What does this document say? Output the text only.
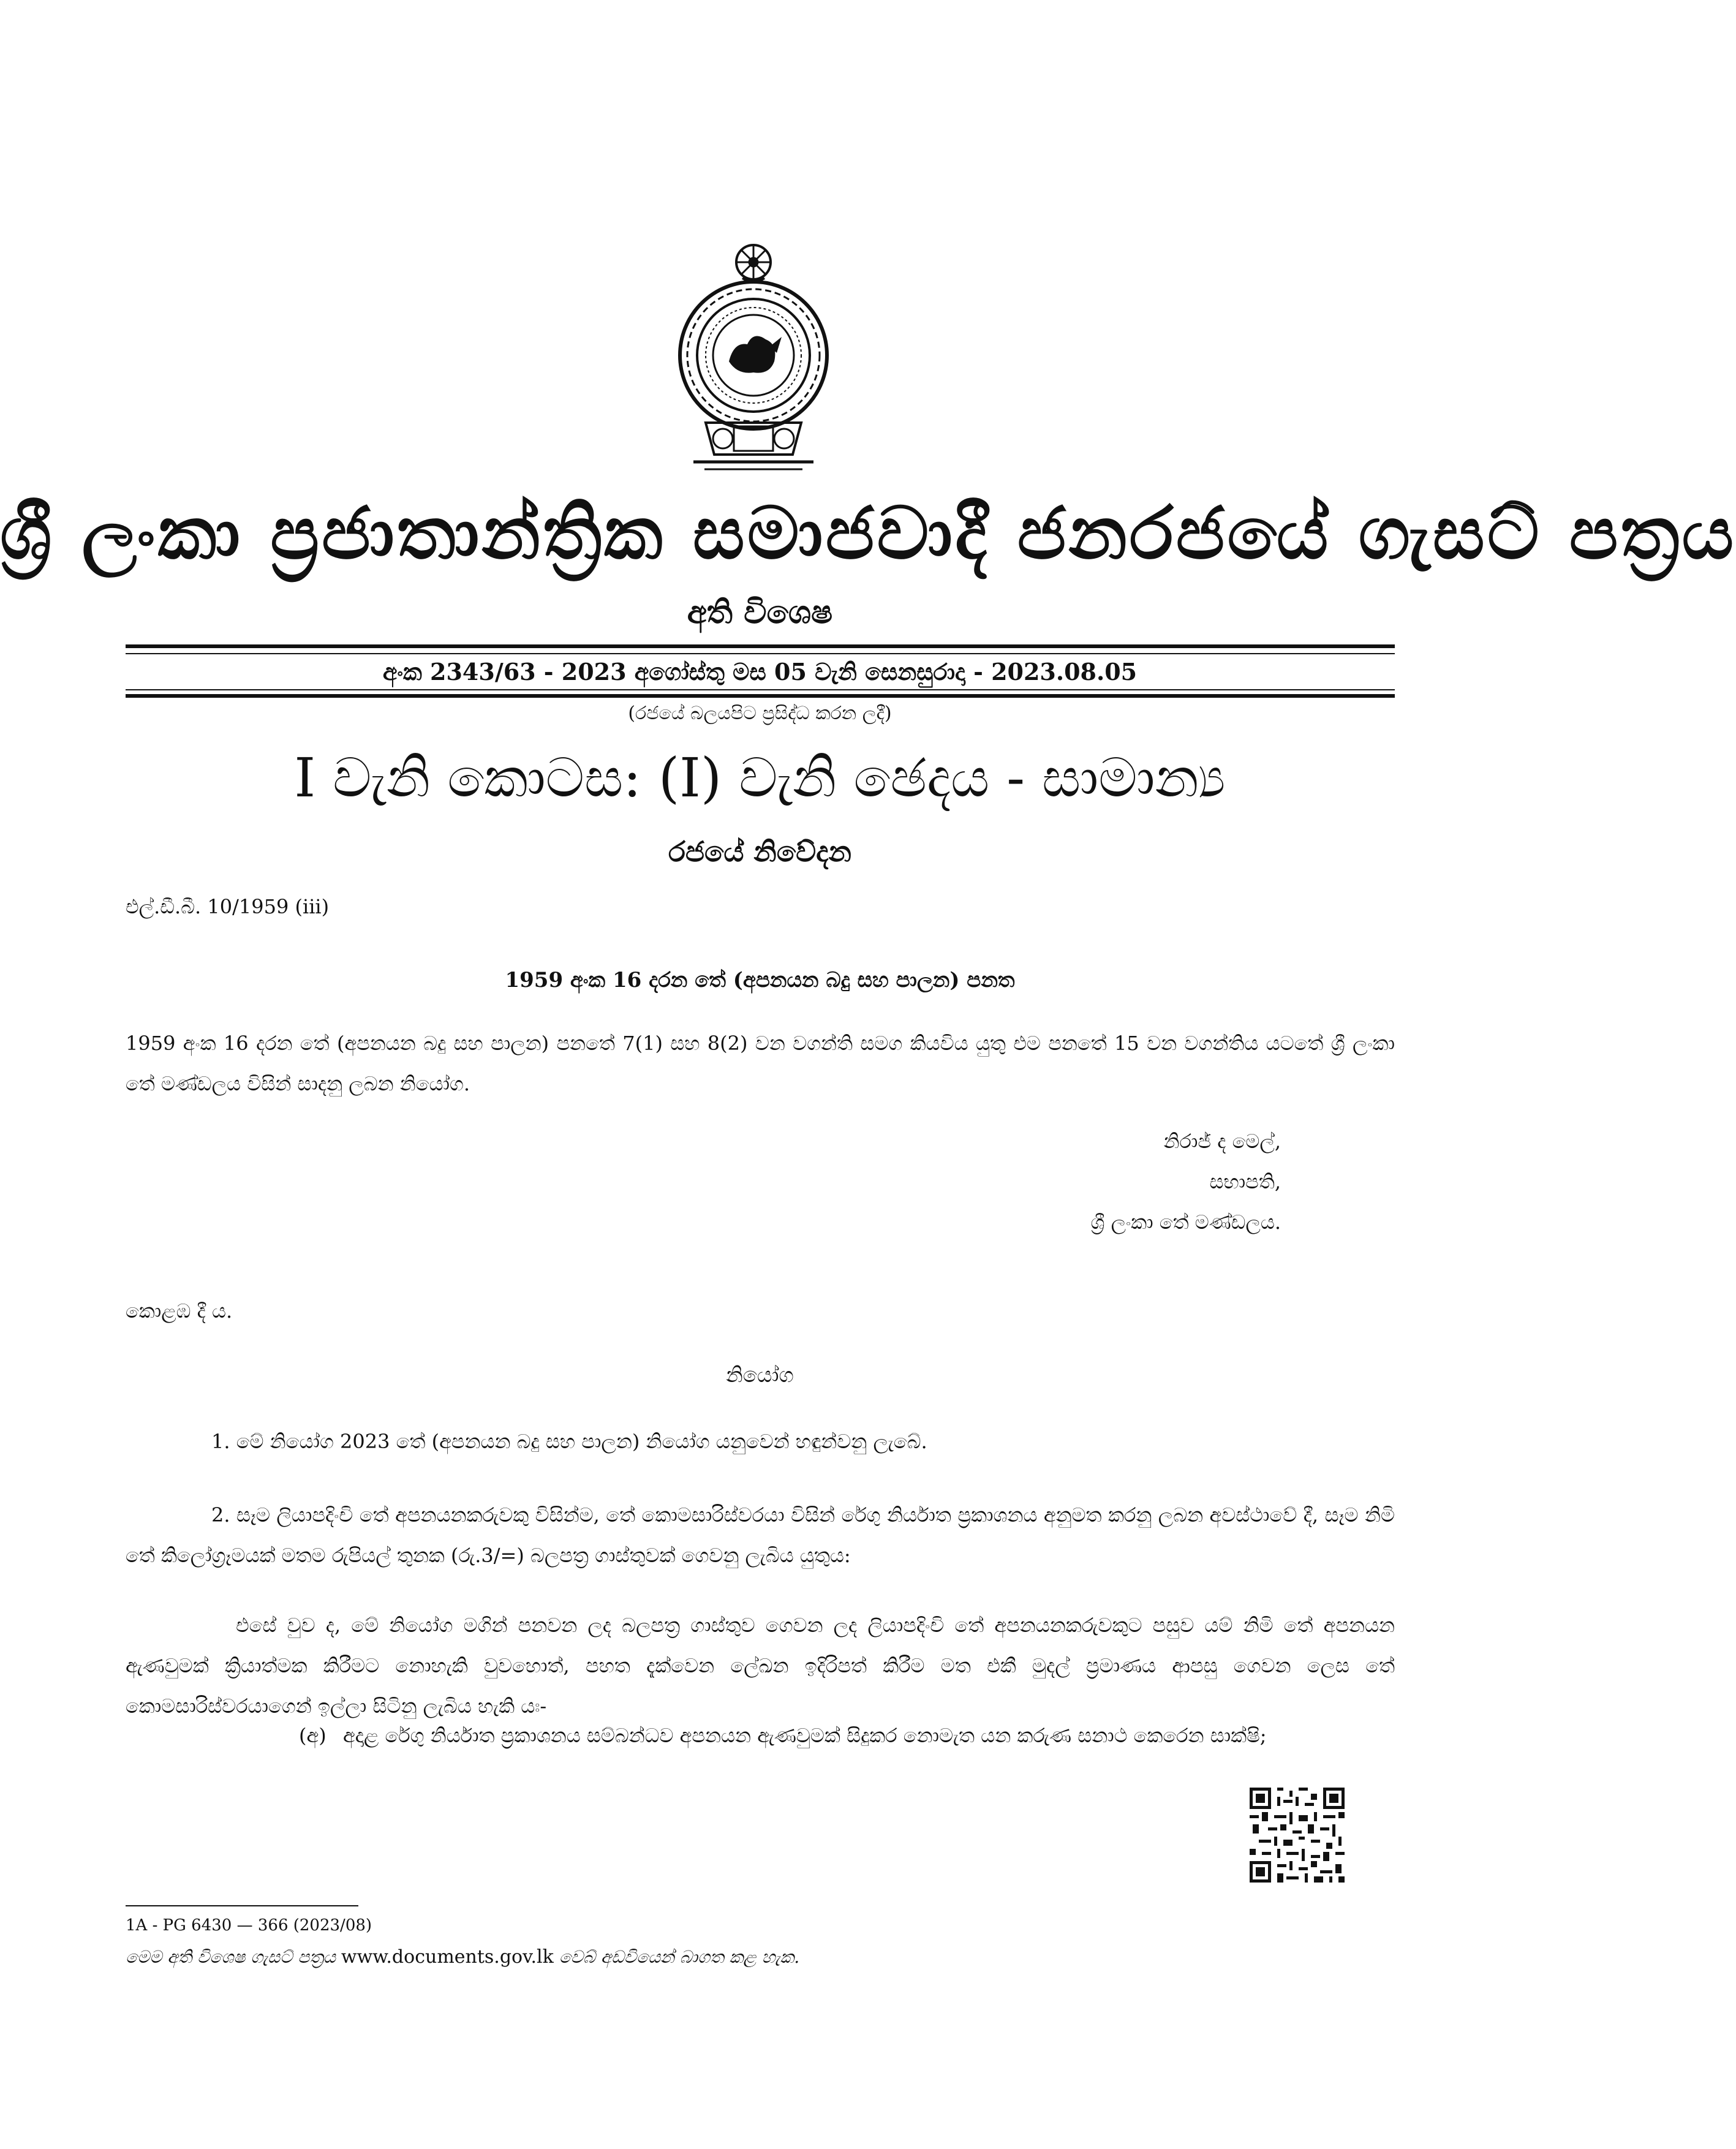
ශ්‍රී ලංකා ප්‍රජාතාන්ත්‍රික සමාජවාදී ජනරජයේ ගැසට් පත්‍රය
අති විශෙෂ
අංක 2343/63 - 2023 අගෝස්තු මස 05 වැනි සෙනසුරාදා - 2023.08.05
(රජයේ බලයපිට ප්‍රසිද්ධ කරන ලදී)
I වැනි කොටස: (I) වැනි ඡෙදය - සාමාන්‍ය
රජයේ නිවේදන
එල්.ඩී.බී. 10/1959 (iii)
1959 අංක 16 දරන තේ (අපනයන බදු සහ පාලන) පනත
1959 අංක 16 දරන තේ (අපනයන බදු සහ පාලන) පනතේ 7(1) සහ 8(2) වන වගන්ති සමග කියවිය යුතු එම පනතේ 15 වන වගන්තිය යටතේ ශ්‍රී ලංකා තේ මණ්ඩලය විසින් සාදනු ලබන නියෝග.
නිරාජ් ද මෙල්,
සභාපති,
ශ්‍රී ලංකා තේ මණ්ඩලය.
කොළඹ දී ය.
නියෝග
1. මේ නියෝග 2023 තේ (අපනයන බදු සහ පාලන) නියෝග යනුවෙන් හඳුන්වනු ලැබේ.
2. සෑම ලියාපදිංචි තේ අපනයනකරුවකු විසින්ම, තේ කොමසාරිස්වරයා විසින් රේගු නිර්යාත ප්‍රකාශනය අනුමත කරනු ලබන අවස්ථාවේ දී, සෑම නිමි තේ කිලෝග්‍රෑමයක් මතම රුපියල් තුනක (රු.3/=) බලපත්‍ර ගාස්තුවක් ගෙවනු ලැබිය යුතුය:
එසේ වුව ද, මේ නියෝග මගින් පනවන ලද බලපත්‍ර ගාස්තුව ගෙවන ලද ලියාපදිංචි තේ අපනයනකරුවකුට පසුව යම් නිමි තේ අපනයන ඇණවුමක් ක්‍රියාත්මක කිරීමට නොහැකි වුවහොත්, පහත දැක්වෙන ලේඛන ඉදිරිපත් කිරීම මත එකී මුදල් ප්‍රමාණය ආපසු ගෙවන ලෙස තේ කොමසාරිස්වරයාගෙන් ඉල්ලා සිටිනු ලැබිය හැකි යඃ-
(අ) අදාළ රේගු නිර්යාත ප්‍රකාශනය සම්බන්ධව අපනයන ඇණවුමක් සිදුකර නොමැත යන කරුණ සනාථ කෙරෙන සාක්ෂි;
1A - PG 6430 — 366 (2023/08)
මෙම අති විශෙෂ ගැසට් පත්‍රය www.documents.gov.lk වෙබ් අඩවියෙන් බාගත කළ හැක.
